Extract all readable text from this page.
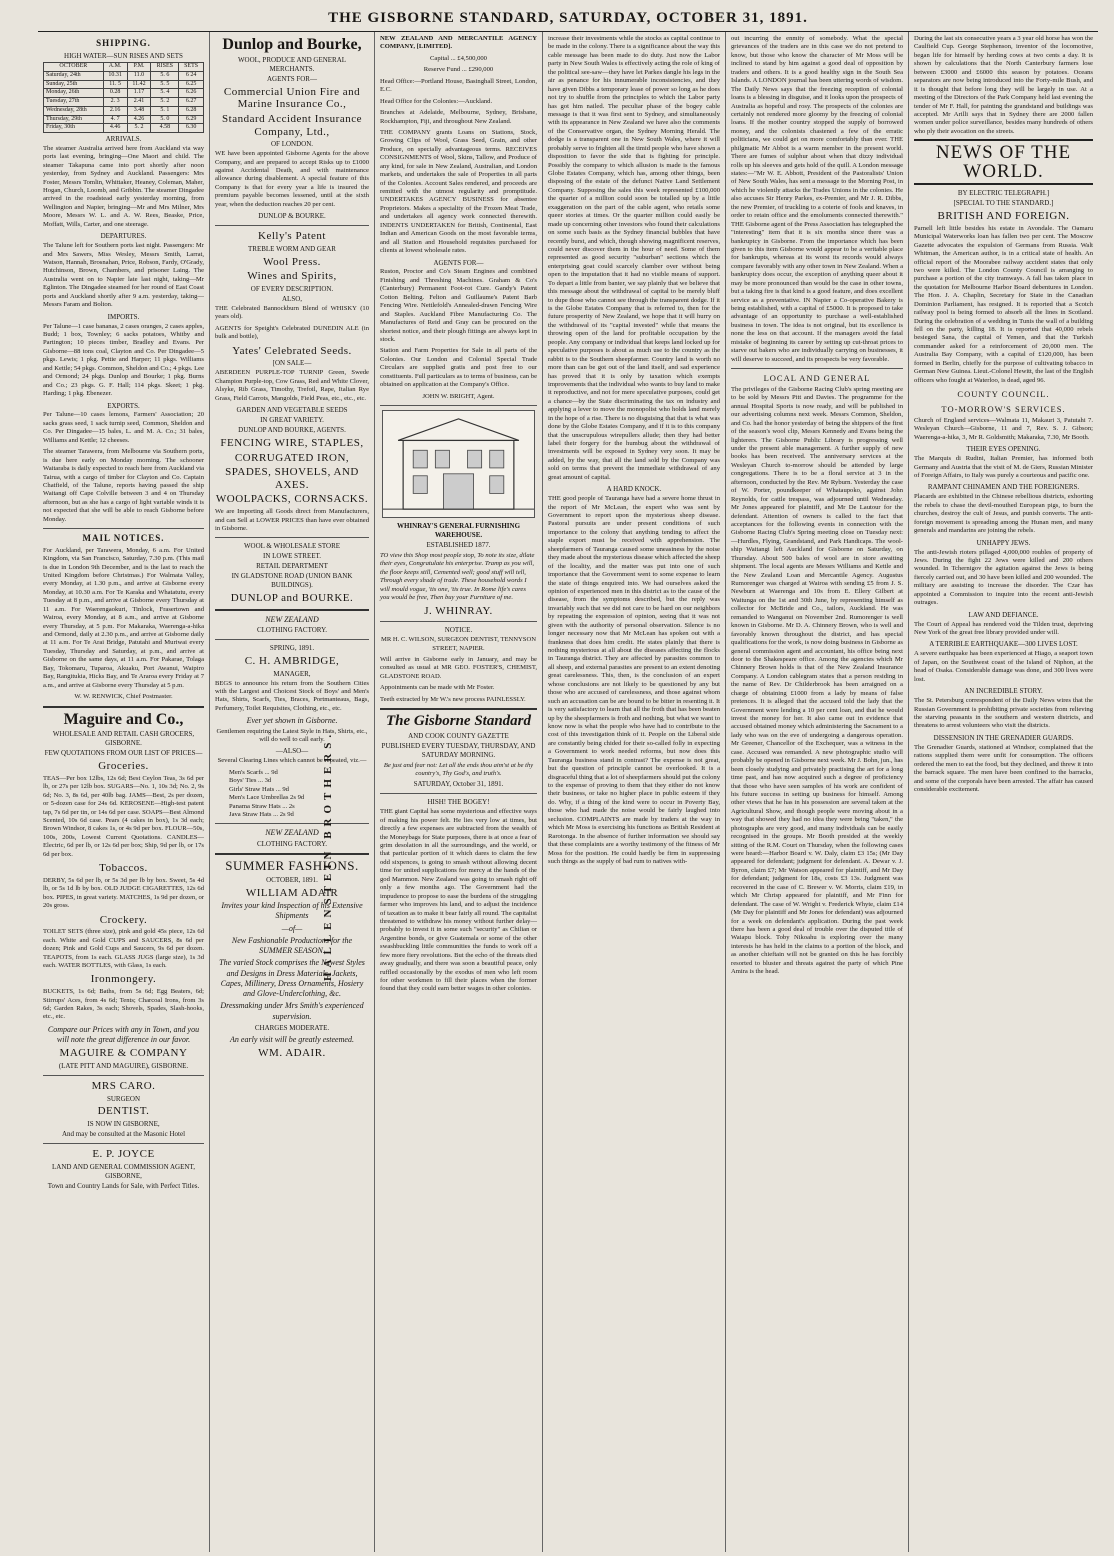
THE GISBORNE STANDARD, SATURDAY, OCTOBER 31, 1891.
HALLENSTEIN BROTHERS.
SHIPPING.
HIGH WATER—SUN RISES AND SETS
OCTOBER	A.M.	P.M.	RISES	SETS
Saturday, 24th	10.31	11.0	5. 6	6 24
Sunday, 25th	11. 5	11.42	5. 5	6.25
Monday, 26th	0.28	1.17	5. 4	6.26
Tuesday, 27th	2. 3	2.41	5. 2	6.27
Wednesday, 28th	2.16	3.48	5. 1	6.28
Thursday, 29th	4. 7	4.26	5. 0	6.29
Friday, 30th	4.46	5. 2	4.58	6.30
ARRIVALS.

The steamer Australia arrived here from Auckland via way ports last evening, bringing—One Maori and child. The steamer Takapuna came into port shortly after noon yesterday, from Sydney and Auckland. Passengers: Mrs Foster, Messrs Tomlin, Whittaker, Heaney, Coleman, Maher, Hogan, Church, Loomb, and Gribbin. The steamer Dingadee arrived in the roadstead early yesterday morning, from Wellington and Napier, bringing—Mr and Mrs Milner, Mrs Moore, Messrs W. L. and A. W. Rees, Beaske, Price, Moffatt, Wills, Carter, and one steerage.

DEPARTURES.

The Talune left for Southern ports last night. Passengers: Mr and Mrs Sawers, Miss Wesley, Messrs Smith, Larrat, Watson, Hannah, Brosnahan, Price, Robson, Fardy, O'Grady, Hutchinson, Brown, Chambers, and prisoner Laing. The Australia went on to Napier late last night, taking—Mr Eglinton. The Dingadee steamed for her round of East Coast ports and Auckland shortly after 9 a.m. yesterday, taking—Messrs Faram and Bolton.

IMPORTS.

Per Talune—1 case bananas, 2 cases oranges, 2 cases apples, Budd; 1 box, Townley; 6 sacks potatoes, Whitby and Partington; 10 pieces timber, Bradley and Evans. Per Gisborne—88 tons coal, Clayton and Co. Per Dingadee—5 pkgs. Lewis; 1 pkg. Pettie and Harper; 11 pkgs. Williams and Kettle; 54 pkgs. Common, Sheldon and Co.; 4 pkgs. Lee and Ormond; 24 pkgs. Dunlop and Bourke; 1 pkg. Burns and Co.; 23 pkgs. G. F. Hall; 114 pkgs. Skeet; 1 pkg. Harding; 1 pkg. Ebenezer.

EXPORTS.

Per Talune—10 cases lemons, Farmers' Association; 20 sacks grass seed, 1 sack turnip seed, Common, Sheldon and Co. Per Dingadee—15 bales, L. and M. A. Co.; 31 bales, Williams and Kettle; 12 cheeses.

The steamer Tarawera, from Melbourne via Southern ports, is due here early on Monday morning. The schooner Waitaraba is daily expected to reach here from Auckland via Tairua, with a cargo of timber for Clayton and Co. Captain Chatfield, of the Talune, reports having passed the ship Waitangi off Cape Colville between 3 and 4 on Thursday afternoon, but as she has a cargo of light variable winds it is not expected that she will be able to reach Gisborne before Monday.

MAIL NOTICES.

For Auckland, per Tarawera, Monday, 6 a.m. For United Kingdom, via San Francisco, Saturday, 7.30 p.m. (This mail is due in London 9th December, and is the last to reach the United Kingdom before Christmas.) For Walmata Valley, every Monday, at 1.30 p.m., and arrive at Gisborne every Monday, at 10.30 a.m. For Te Karaka and Whatatutu, every Tuesday at 8 p.m., and arrive at Gisborne every Thursday at 11 a.m. For Waerengaokuri, Tinlock, Frasertown and Wairoa, every Monday, at 8 a.m., and arrive at Gisborne every Thursday, at 5 p.m. For Makaraka, Waerenga-a-hika and Ormond, daily at 2.30 p.m., and arrive at Gisborne daily at 11 a.m. For Te Arai Bridge, Patutahi and Muriwai every Tuesday, Thursday and Saturday, at p.m., and arrive at Gisborne on the same days, at 11 a.m. For Pakarae, Tolaga Bay, Tokomaru, Tuparoa, Akuaku, Port Awanui, Waipiro Bay, Rangitukia, Hicks Bay, and Te Araroa every Friday at 7 a.m., and arrive at Gisborne every Thursday at 5 p.m.

W. W. RENWICK, Chief Postmaster.

Maguire and Co.,
WHOLESALE AND RETAIL CASH GROCERS, GISBORNE.
FEW QUOTATIONS FROM OUR LIST OF PRICES—
Groceries.

TEAS—Per box 12lbs, 12s 6d; Best Ceylon Teas, 3s 6d per lb, or 27s per 12lb box. SUGARS—No. 1, 10s 3d; No. 2, 9s 6d; No. 3, 8s 6d, per 40lb bag. JAMS—Best, 2s per dozen, or 5-dozen case for 24s 6d. KEROSENE—High-test patent tap, 7s 6d per tin, or 14s 6d per case. SOAPS—Best Almond Scented, 10s 6d case. Pears (4 cakes in box), 1s 3d each; Brown Windsor, 8 cakes 1s, or 4s 9d per box. FLOUR—50s, 100s, 200s, Lowest Current Quotations. CANDLES—Electric, 6d per lb, or 12s 6d per box; Ship, 9d per lb, or 17s 6d per box.

Tobaccos.

DERBY, 5s 6d per lb, or 5s 3d per lb by box. Sweet, 5s 4d lb, or 5s 1d lb by box. OLD JUDGE CIGARETTES, 12s 6d box. PIPES, in great variety. MATCHES, 1s 9d per dozen, or 20s gross.

Crockery.

TOILET SETS (three size), pink and gold 45s piece, 12s 6d each. White and Gold CUPS and SAUCERS, 8s 6d per dozen; Pink and Gold Cups and Saucers, 9s 6d per dozen. TEAPOTS, from 1s each. GLASS JUGS (large size), 1s 3d each. WATER BOTTLES, with Glass, 1s each.

Ironmongery.

BUCKETS, 1s 6d; Baths, from 5s 6d; Egg Beaters, 6d; Stirrups' Aces, from 4s 6d; Tents; Charcoal Irons, from 3s 6d; Garden Rakes, 3s each; Shovels, Spades, Slash-hooks, etc., etc.

Compare our Prices with any in Town, and you will note the great difference in our favor.

MAGUIRE & COMPANY
(LATE PITT AND MAGUIRE), GISBORNE.
MRS CARO.
SURGEON
DENTIST.
IS NOW IN GISBORNE,
And may be consulted at the Masonic Hotel
E. P. JOYCE
LAND AND GENERAL COMMISSION AGENT, GISBORNE,
Town and Country Lands for Sale, with Perfect Titles.
Dunlop and Bourke,
WOOL, PRODUCE AND GENERAL MERCHANTS.
AGENTS FOR—
Commercial Union Fire and Marine Insurance Co.,
Standard Accident Insurance Company, Ltd.,
OF LONDON.

WE have been appointed Gisborne Agents for the above Company, and are prepared to accept Risks up to £1000 against Accidental Death, and with maintenance allowance during disablement. A special feature of this Company is that for every year a life is insured the premium payable becomes lessened, until at the sixth year, when the deduction reaches 20 per cent.

DUNLOP & BOURKE.
Kelly's Patent
TREBLE WORM AND GEAR
Wool Press.
Wines and Spirits,
OF EVERY DESCRIPTION.
ALSO,

THE Celebrated Bannockburn Blend of WHISKY (10 years old).

AGENTS for Speight's Celebrated DUNEDIN ALE (in bulk and bottle),

Yates' Celebrated Seeds.
[ON SALE—

ABERDEEN PURPLE-TOP TURNIP Green, Swede Champion Purple-top, Cow Grass, Red and White Clover, Alsyke, Rib Grass, Timothy, Trefoil, Rape, Italian Rye Grass, Field Carrots, Mangolds, Field Peas, etc., etc., etc.

GARDEN AND VEGETABLE SEEDS
IN GREAT VARIETY.
DUNLOP AND BOURKE, AGENTS.
FENCING WIRE, STAPLES,
CORRUGATED IRON,
SPADES, SHOVELS, AND AXES.
WOOLPACKS, CORNSACKS.

We are Importing all Goods direct from Manufacturers, and can Sell at LOWER PRICES than have ever obtained in Gisborne.

WOOL & WHOLESALE STORE
IN LOWE STREET.
RETAIL DEPARTMENT
IN GLADSTONE ROAD (UNION BANK BUILDINGS).
DUNLOP and BOURKE.
NEW ZEALAND
CLOTHING FACTORY.
SPRING, 1891.
C. H. AMBRIDGE,
MANAGER,

BEGS to announce his return from the Southern Cities with the Largest and Choicest Stock of Boys' and Men's Hats, Shirts, Scarfs, Ties, Braces, Portmanteaus, Bags, Perfumery, Toilet Requisites, Clothing, etc., etc.

Ever yet shown in Gisborne.

Gentlemen requiring the Latest Style in Hats, Shirts, etc., will do well to call early.

—ALSO—

Several Clearing Lines which cannot be repeated, viz.—

Men's Scarfs ... 9d
Boys' Ties ... 3d
Girls' Straw Hats ... 9d
Men's Lace Umbrellas 2s 9d
Panama Straw Hats ... 2s
Java Straw Hats ... 2s 9d
NEW ZEALAND
CLOTHING FACTORY.
SUMMER FASHIONS.
OCTOBER, 1891.
WILLIAM ADAIR
Invites your kind Inspection of his Extensive Shipments
—of—
New Fashionable Productions for the SUMMER SEASON.
The varied Stock comprises the Newest Styles and Designs in Dress Materials, Jackets, Capes, Millinery, Dress Ornaments, Hosiery and Glove-Underclothing, &c.
Dressmaking under Mrs Smith's experienced supervision.
CHARGES MODERATE.
An early visit will be greatly esteemed.
WM. ADAIR.

NEW ZEALAND AND MERCANTILE AGENCY COMPANY, [LIMITED].

Capital ... £4,500,000

Reserve Fund ... £290,000

Head Office:—Portland House, Basinghall Street, London, E.C.

Head Office for the Colonies:—Auckland.

Branches at Adelaide, Melbourne, Sydney, Brisbane, Rockhampton, Fiji, and throughout New Zealand.

THE COMPANY grants Loans on Stations, Stock, Growing Clips of Wool, Grass Seed, Grain, and other Produce, on specially advantageous terms. RECEIVES CONSIGNMENTS of Wool, Skins, Tallow, and Produce of any kind, for sale in New Zealand, Australian, and London markets, and undertakes the sale of Properties in all parts of the Colonies. Account Sales rendered, and proceeds are remitted with the utmost regularity and promptitude. UNDERTAKES AGENCY BUSINESS for absentee Proprietors. Makes a speciality of the Frozen Meat Trade, and undertakes all agency work connected therewith. INDENTS UNDERTAKEN for British, Continental, East Indian and American Goods on the most favorable terms, and all Station and Household requisites purchased for clients at lowest wholesale rates.

AGENTS FOR—

Ruston, Proctor and Co's Steam Engines and combined Finishing and Threshing Machines. Graham & Co's (Canterbury) Permanent Foot-rot Cure. Gandy's Patent Cotton Belting. Felton and Guillaume's Patent Barb Fencing Wire. Nettlefold's Annealed-drawn Fencing Wire and Staples. Auckland Fibre Manufacturing Co. The Manufactures of Reid and Gray can be procured on the shortest notice, and their plough fittings are always kept in stock.

Station and Farm Properties for Sale in all parts of the Colonies. Our London and Colonial Special Trade Circulars are supplied gratis and post free to our constituents. Full particulars as to terms of business, can be obtained on application at the Company's Office.

JOHN W. BRIGHT, Agent.

WHINRAY'S GENERAL FURNISHING WAREHOUSE.
ESTABLISHED 1877.

TO view this Shop most people stop, To note its size, dilate their eyes, Congratulate his enterprise. Tramp as you will, the floor keeps still, Cemented well; good stuff will tell, Through every shade of trade. These household words I will mould vogue, 'tis one, 'tis true. In Rome life's cares you would be free, Then buy your Furniture of me.

J. WHINRAY.
NOTICE.

MR H. C. WILSON, SURGEON DENTIST, TENNYSON STREET, NAPIER.

Will arrive in Gisborne early in January, and may be consulted as usual at MR GEO. FOSTER'S, CHEMIST, GLADSTONE ROAD.

Appointments can be made with Mr Foster.

Teeth extracted by Mr W.'s new process PAINLESSLY.

The Gisborne Standard
AND COOK COUNTY GAZETTE
PUBLISHED EVERY TUESDAY, THURSDAY, AND SATURDAY MORNING.

Be just and fear not: Let all the ends thou aim'st at be thy country's, Thy God's, and truth's.

SATURDAY, October 31, 1891.
HISH! THE BOGEY!

THE giant Capital has some mysterious and effective ways of making his power felt. He lies very low at times, but directly a few expenses are subtracted from the wealth of the Moneybags for State purposes, there is at once a fear of grim desolation in all the surroundings, and the world, or that particular portion of it which dares to claim the few odd sixpences, is going to smash without allowing decent time for united supplications for mercy at the hands of the god Mammon. New Zealand was going to smash right off only a few months ago. The Government had the impudence to propose to ease the burdens of the struggling farmer who improves his land, and to adjust the incidence of taxation as to make it bear fairly all round. The capitalist threatened to withdraw his money without further delay—probably to invest it in some such "security" as Chilian or Argentine bonds, or give Guatemala or some of the other swashbuckling little communities the funds to work off a few more fiery revolutions. But the echo of the threats died away gradually, and there was soon a beautiful peace, only ruffled occasionally by the exodus of men who left room for other workmen to fill their places when the former found that they could earn better wages in other colonies.

increase their investments while the stocks as capital continue to be made in the colony. There is a significance about the way this cable message has been made to do duty. Just now the Labor party in New South Wales is effectively acting the role of king of the political see-saw—they have let Parkes dangle his legs in the air as penance for his innumerable inconsistencies, and they have given Dibbs a temporary lease of power so long as he does not try to shuffle from the principles to which the Labor party has got him nailed. The peculiar phase of the bogey cable message is that it was first sent to Sydney, and simultaneously with its appearance in New Zealand we have also the comments of the Conservative organ, the Sydney Morning Herald. The dodge is a transparent one in New South Wales, where it will probably serve to frighten all the timid people who have shown a disposition to favor the side that is fighting for principle. Possibly the company to which allusion is made is the famous Globe Estates Company, which has, among other things, been disposing of the estate of the defunct Native Land Settlement Company. Supposing the sales this week represented £100,000 the quarter of a million could soon be totalled up by a little exaggeration on the part of the cable agent, who retails some queer stories at times. Or the quarter million could easily be made up concerning other investors who found their calculations on some such basis as the Sydney financial bubbles that have recently burst, and which, though showing magnificent reserves, could never discover them in the hour of need. Some of them represented as good security "suburban" sections which the enterprising goat could scarcely clamber over without being open to the imputation that it had no visible means of support. To depart a little from banter, we say plainly that we believe that this message about the withdrawal of capital to be merely bluff to dupe those who cannot see through the transparent dodge. If it is the Globe Estates Company that is referred to, then for the future prosperity of New Zealand, we hope that it will hurry on the withdrawal of its "capital invested" while that means the throwing open of the land for profitable occupation by the people. Any company or individual that keeps land locked up for speculative purposes is about as much use to the country as the rabbit is to the Southern sheepfarmer. Country land is worth no more than can be got out of the land itself, and sad experience has proved that it is only by taxation which exempts improvements that the individual who wants to buy land to make it reproductive, and not for mere speculative purposes, could get a chance—by the State discriminating the tax on industry and applying a lever to move the monopolist who holds land merely in the hope of a rise. There is no disguising that that is what was done by the Globe Estates Company, and if it is to this company that the unscrupulous wirepullers allude; then they had better label their forgery for the humbug about the withdrawal of investments will be exposed in Sydney very soon. It may be added, by the way, that all the land sold by the Company was sold on terms that prevent the immediate withdrawal of any great amount of capital.

A HARD KNOCK.

THE good people of Tauranga have had a severe home thrust in the report of Mr McLean, the expert who was sent by Government to report upon the mysterious sheep disease. Pastoral pursuits are under present conditions of such importance to the colony that anything tending to affect the staple export must be received with apprehension. The sheepfarmers of Tauranga caused some uneasiness by the noise they made about the mysterious disease which affected the sheep of the locality, and the matter was put into one of such importance that the Government went to some expense to learn the state of things enquired into. We had ourselves asked the opinion of experienced men in this district as to the cause of the disease, from the symptoms described, but the reply was invariably such that we did not care to be hard on our neighbors by repeating the expression of opinion, seeing that it was not given with the authority of personal observation. Silence is no longer necessary now that Mr McLean has spoken out with a frankness that does him credit. He states plainly that there is nothing mysterious at all about the diseases affecting the flocks in Tauranga district. They are affected by parasites common to all sheep, and external parasites are present to an extent denoting great carelessness. This, then, is the conclusion of an expert whose conclusions are not likely to be questioned by any but those who are accused of carelessness, and those against whom such an accusation can be are bound to be bitter in resenting it. It is very satisfactory to learn that all the froth that has been beaten up by the sheepfarmers is froth and nothing, but what we want to know now is what the people who have had to contribute to the cost of this investigation think of it. People on the Liberal side are constantly being chided for their so-called folly in expecting a Government to work needed reforms, but now does this Tauranga business stand in contrast? The expense is not great, but the question of principle cannot be overlooked. It is a disgraceful thing that a lot of sheepfarmers should put the colony to the expense of proving to them that they either do not know their business, or take no higher place in public esteem if they do. Why, if a thing of the kind were to occur in Poverty Bay, those who had made the noise would be fairly laughed into seclusion. COMPLAINTS are made by traders at the way in which Mr Moss is exercising his functions as British Resident at Rarotonga. In the absence of further information we should say that these complaints are a worthy testimony of the fitness of Mr Moss for the position. He could hardly be firm in suppressing such things as the supply of bad rum to natives with-

out incurring the enmity of somebody. What the special grievances of the traders are in this case we do not pretend to know, but those who know the character of Mr Moss will be inclined to stand by him against a good deal of opposition by traders and others. It is a good healthy sign in the South Sea Islands. A LONDON journal has been uttering words of wisdom. The Daily News says that the freezing reception of colonial loans is a blessing in disguise, and it looks upon the prospects of Australia as hopeful and rosy. The prospects of the colonies are certainly not rendered more gloomy by the freezing of colonial loans. If the mother country stopped the supply of borrowed money, and the colonists chastened a few of the erratic politicians, we could get on more comfortably than ever. THE philgmatic Mr Abbot is a warm member in the present world. There are fumes of sulphur about when that dizzy individual rolls up his sleeves and gets hold of the quill. A London message states:—"Mr W. E. Abbott, President of the Pastoralists' Union of New South Wales, has sent a message to the Morning Post, in which he violently attacks the Trades Unions in the colonies. He also accuses Sir Henry Parkes, ex-Premier, and Mr J. R. Dibbs, the new Premier, of truckling to a coterie of fools and knaves, in order to retain office and the emoluments connected therewith." THE Gisborne agent of the Press Association has telegraphed the "interesting" item that it is six months since there was a bankruptcy in Gisborne. From the importance which has been given to this item Gisborne would appear to be a veritable place for bankrupts, whereas at its worst its records would always compare favorably with any other town in New Zealand. When a bankruptcy does occur, the exception of anything queer about it may be more pronounced than would be the case in other towns, but a taking fire is that kind is a good feature, and does excellent service as a preventative. IN Napier a Co-operative Bakery is being established, with a capital of £5000. It is proposed to take advantage of an opportunity to purchase a well-established business in town. The idea is not original, but its excellence is none the less on that account. If the managers avoid the fatal mistake of beginning its career by setting up cut-throat prices to starve out bakers who are individually carrying on businesses, it will deserve to succeed, and its prospects be very favorable.

LOCAL AND GENERAL

The privileges of the Gisborne Racing Club's spring meeting are to be sold by Messrs Pitt and Davies. The programme for the annual Hospital Sports is now ready, and will be published in our advertising columns next week. Messrs Common, Sheldon, and Co. had the honor yesterday of being the shippers of the first of the season's wool clip, Messrs Kennedy and Evans being the lighterers. The Gisborne Public Library is progressing well under the present able management. A further supply of new books has been received. The anniversary services at the Wesleyan Church to-morrow should be attended by large congregations. There is to be a floral service at 3 in the afternoon, conducted by the Rev. Mr Ryburn. Yesterday the case of W. Porter, poundkeeper of Whataupoko, against John Reynolds, for cattle trespass, was adjourned until Wednesday. Mr Jones appeared for plaintiff, and Mr De Lautour for the defendant. Attention of owners is called to the fact that acceptances for the following events in connection with the Gisborne Racing Club's Spring meeting close on Tuesday next:—Hurdles, Flying, Grandstand, and Park Handicaps. The wool-ship Waitangi left Auckland for Gisborne on Saturday, on Thursday. About 500 bales of wool are in store awaiting shipment. The local agents are Messrs Williams and Kettle and the New Zealand Loan and Mercantile Agency. Augustus Rumorenger was charged at Wairoa with sending £5 from J. S. Newburn at Waerenga and 10s from E. Ellery Gilbert at Waitunga on the 1st and 30th June, by representing himself as collector for McBride and Co., tailors, Auckland. He was remanded to Wanganui on November 2nd. Rumorenger is well known in Gisborne. Mr D. A. Chinnery Brown, who is well and favorably known throughout the district, and has special qualifications for the work, is now doing business in Gisborne as general commission agent and accountant, his office being next door to the Shakespeare office. Among the agencies which Mr Chinnery Brown holds is that of the New Zealand Insurance Company. A London cablegram states that a person residing in the name of Rev. Dr Childerbrook has been arraigned on a charge of obtaining £1000 from a lady by means of false pretences. It is alleged that the accused told the lady that the Government were lending a 10 per cent loan, and that he would invest the money for her. It also came out in evidence that accused obtained money which administering the Sacrament to a lady who was on the eve of undergoing a dangerous operation. Mr Greener, Chancellor of the Exchequer, was a witness in the case. Accused was remanded. A new photographic studio will probably be opened in Gisborne next week. Mr J. Bohn, jun., has been closely studying and privately practising the art for a long time past, and has now acquired such a degree of proficiency that those who have seen samples of his work are confident of his future success in setting up business for himself. Among other views that he has in his possession are several taken at the Agricultural Show, and though people were moving about in a way that showed they had no idea they were being "taken," the photographs are very good, and many individuals can be easily recognised in the groups. Mr Booth presided at the weekly sitting of the R.M. Court on Thursday, when the following cases were heard:—Harbor Board v. W. Daly, claim £3 15s; (Mr Day appeared for defendant; judgment for defendant. A. Dewar v. J. Byron, claim £7; Mr Watson appeared for plaintiff, and Mr Day for defendant; judgment for 18s, costs £3 13s. Judgment was recovered in the case of C. Brewer v. W. Morris, claim £19, in which Mr Chrisp appeared for plaintiff, and Mr Finn for defendant. The case of W. Wright v. Frederick Whyte, claim £14 (Mr Day for plaintiff and Mr Jones for defendant) was adjourned for a week on defendant's application. During the past week there has been a good deal of trouble over the disputed title of Waiapu block. Toby Nikoahu is exploring over the many interests he has held in the claims to a portion of the block, and as another chieftain will not be granted on this he has forcibly resorted to bluster and threats against the party of which Pine Amira is the head.

During the last six consecutive years a 3 year old horse has won the Caulfield Cup. George Stephenson, inventor of the locomotive, began life for himself by herding cows at two cents a day. It is shown by calculations that the North Canterbury farmers lose between £3000 and £6000 this season by potatoes. Oceans separators are now being introduced into the Forty-mile Bush, and it is thought that before long they will be largely in use. At a meeting of the Directors of the Park Company held last evening the tender of Mr F. Hall, for painting the grandstand and buildings was accepted. Mr Arilli says that in Sydney there are 2000 fallen women under police surveillance, besides many hundreds of others who ply their avocation on the streets.

NEWS OF THE WORLD.
BY ELECTRIC TELEGRAPH.]
[SPECIAL TO THE STANDARD.]
BRITISH AND FOREIGN.

Parnell left little besides his estate in Avondale. The Oamaru Municipal Waterworks loan has fallen two per cent. The Moscow Gazette advocates the expulsion of Germans from Russia. Walt Whitman, the American author, is in a critical state of health. An official report of the Moorabee railway accident states that only two were killed. The London County Council is arranging to purchase a portion of the city tramways. A fall has taken place in the quotation for Melbourne Harbor Board debentures in London. The Hon. J. A. Chaplin, Secretary for State in the Canadian Dominion Parliament, has resigned. It is reported that a Scotch railway pool is being formed to absorb all the lines in Scotland. During the celebration of a wedding in Tunis the wall of a building fell on the party, killing 18. It is reported that 40,000 rebels besieged Sana, the capital of Yemen, and that the Turkish commander asked for a reinforcement of 20,000 men. The Australia Bay Company, with a capital of £120,000, has been formed in Berlin, chiefly for the purpose of cultivating tobacco in German New Guinea. Lieut.-Colonel Hewitt, the last of the English officers who fought at Waterloo, is dead, aged 96.

COUNTY COUNCIL.
TO-MORROW'S SERVICES.

Church of England services—Walmata 11, Makauri 3, Patutahi 7. Wesleyan Church—Gisborne, 11 and 7, Rev. S. J. Gibson; Waerenga-a-hika, 3, Mr R. Goldsmith; Makaraka, 7.30, Mr Booth.

THEIR EYES OPENING.

The Marquis di Rudini, Italian Premier, has informed both Germany and Austria that the visit of M. de Giers, Russian Minister of Foreign Affairs, to Italy was purely a courteous and pacific one.

RAMPANT CHINAMEN AND THE FOREIGNERS.

Placards are exhibited in the Chinese rebellious districts, exhorting the rebels to chase the devil-mouthed European pigs, to burn the churches, destroy the cult of Jesus, and punish converts. The anti-foreign movement is spreading among the Hunan men, and many generals and mandarins are joining the rebels.

UNHAPPY JEWS.

The anti-Jewish rioters pillaged 4,000,000 roubles of property of Jews. During the fight 22 Jews were killed and 200 others wounded. In Tchernigov the agitation against the Jews is being fiercely carried out, and 30 have been killed and 200 wounded. The military are assisting to increase the disorder. The Czar has appointed a Commission to inquire into the recent anti-Jewish outrages.

LAW AND DEFIANCE.

The Court of Appeal has rendered void the Tilden trust, depriving New York of the great free library provided under will.

A TERRIBLE EARTHQUAKE—300 LIVES LOST.

A severe earthquake has been experienced at Hiago, a seaport town of Japan, on the Southwest coast of the Island of Niphon, at the head of Osaka. Considerable damage was done, and 300 lives were lost.

AN INCREDIBLE STORY.

The St. Petersburg correspondent of the Daily News wires that the Russian Government is prohibiting private societies from relieving the starving peasants in the southern and western districts, and threatens to arrest volunteers who visit the districts.

DISSENSION IN THE GRENADIER GUARDS.

The Grenadier Guards, stationed at Windsor, complained that the rations supplied them were unfit for consumption. The officers ordered the men to eat the food, but they declined, and threw it into the barrack square. The men have been confined to the barracks, and some of the corporals have been arrested. The affair has caused considerable excitement.
